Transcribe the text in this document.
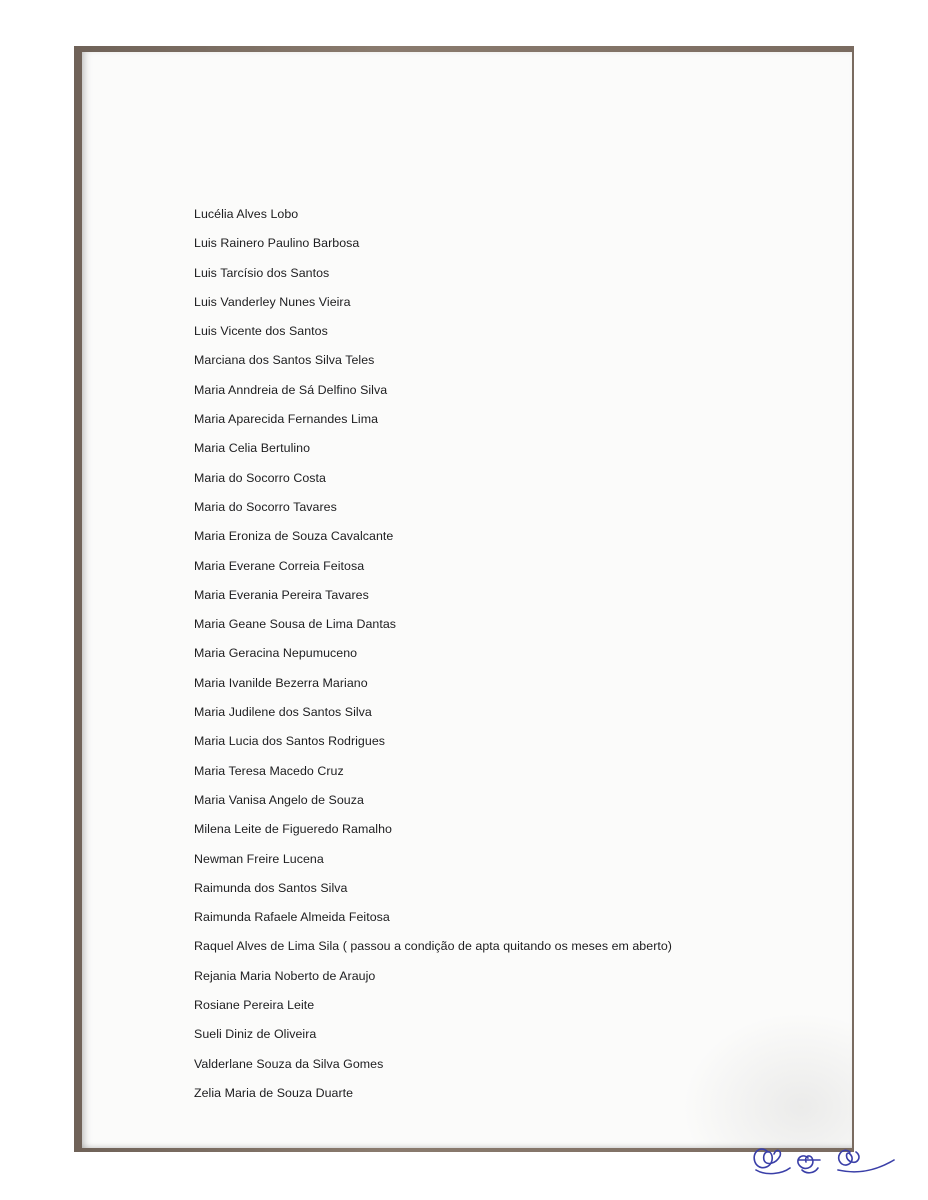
Lucélia Alves Lobo
Luis Rainero Paulino Barbosa
Luis Tarcísio dos Santos
Luis Vanderley Nunes Vieira
Luis Vicente dos Santos
Marciana dos Santos Silva Teles
Maria Anndreia de Sá Delfino Silva
Maria Aparecida Fernandes Lima
Maria Celia Bertulino
Maria do Socorro Costa
Maria do Socorro Tavares
Maria Eroniza de Souza Cavalcante
Maria Everane Correia Feitosa
Maria Everania Pereira Tavares
Maria Geane Sousa de Lima Dantas
Maria Geracina Nepumuceno
Maria Ivanilde Bezerra Mariano
Maria Judilene dos Santos Silva
Maria Lucia dos Santos Rodrigues
Maria Teresa Macedo Cruz
Maria Vanisa Angelo de Souza
Milena Leite de Figueredo Ramalho
Newman Freire Lucena
Raimunda dos Santos Silva
Raimunda Rafaele Almeida Feitosa
Raquel Alves de Lima Sila ( passou a condição de apta quitando os meses em aberto)
Rejania Maria Noberto de Araujo
Rosiane Pereira Leite
Sueli Diniz de Oliveira
Valderlane Souza da Silva Gomes
Zelia Maria de Souza Duarte
